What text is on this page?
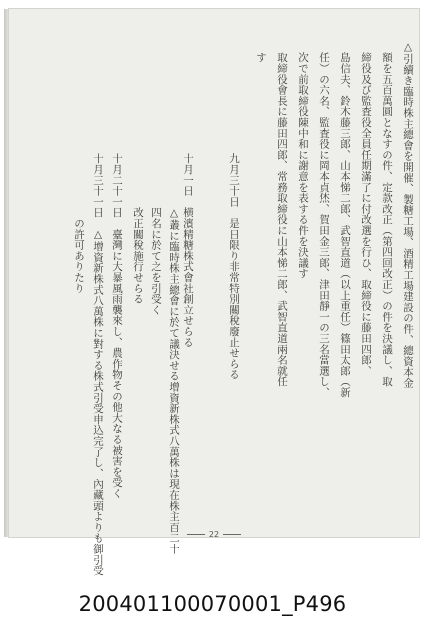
△引續き臨時株主總會を開催、製糖工場、酒精工場建設の件、總資本金
額を五百萬圓となすの件、定款改正（第四回改正）の件を決議し、取
締役及び監査役全員任期滿了に付改選を行ひ、取締役に藤田四郎、
島信夫、鈴木藤三郎、山本悌二郎、武智直道（以上重任）篠田太郎（新
任）の六名、監査役に岡本貞烋、賀田金三郎、津田靜一の三名當選し、
次で前取締役陳中和に謝意を表する件を決議す
取締役會長に藤田四郎、常務取締役に山本悌二郎、武智直道兩名就任
す
九月三十日　是日限り非常特別關稅廢止せらる
十月一日　横濱精糖株式會社創立せらる
　　　　　△叢に臨時株主總會に於て議決せる增資新株式八萬株は現在株主百二十
　　　　　四名に於て之を引受く
　　　　　改正關稅施行せらる
十月二十一日　臺灣に大暴風雨襲來し、農作物その他大なる被害を受く
十月三十一日　△增資新株式八萬株に對する株式引受申込完了し、內藏頭よりも御引受
　　　　　　の許可ありたり
22
200401100070001_P496
